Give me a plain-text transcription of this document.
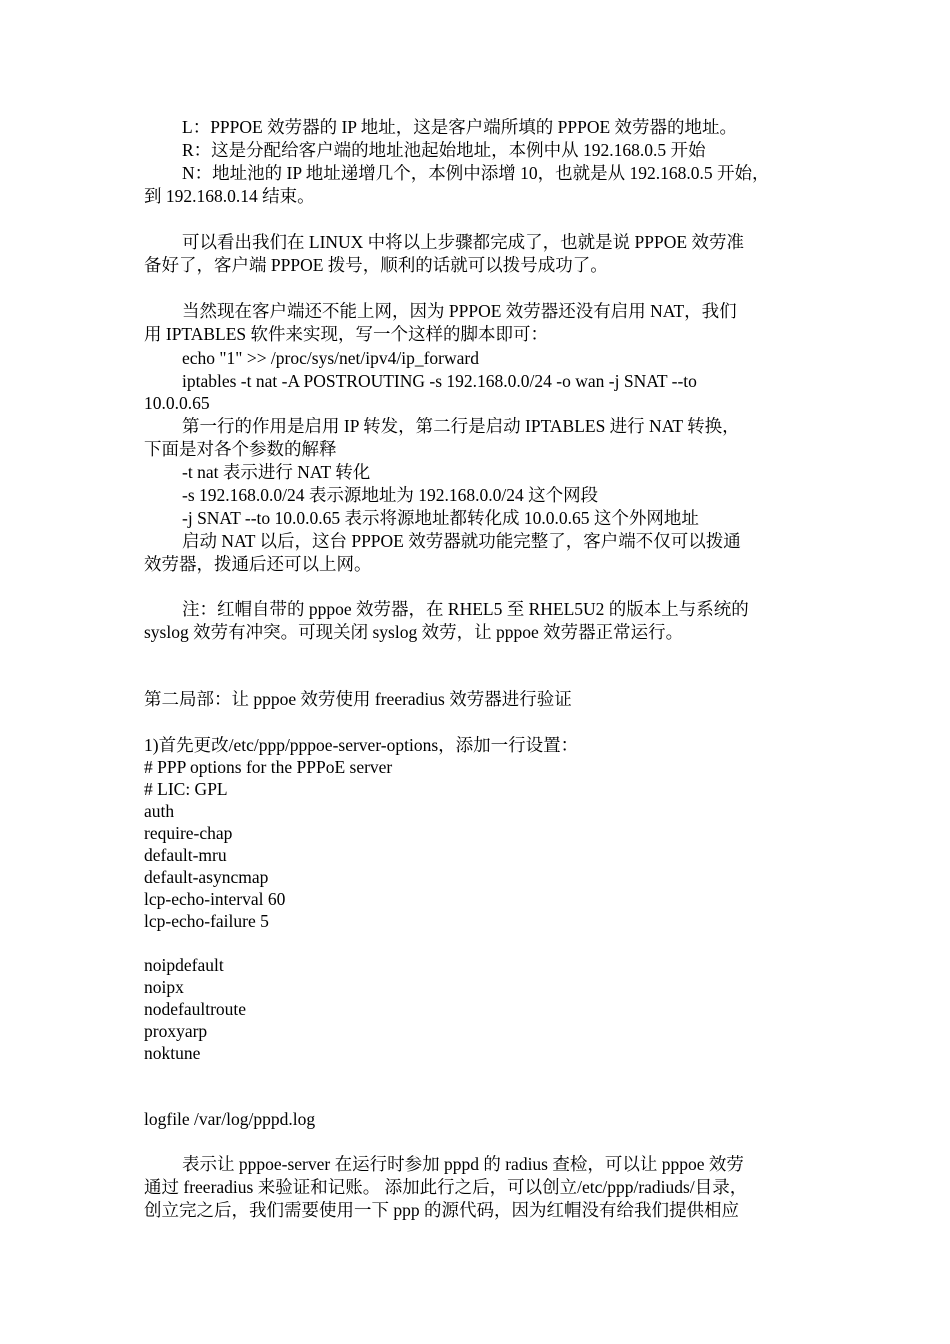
L：PPPOE 效劳器的 IP 地址，这是客户端所填的 PPPOE 效劳器的地址。
R：这是分配给客户端的地址池起始地址，本例中从 192.168.0.5 开始
N：地址池的 IP 地址递增几个，本例中添增 10，也就是从 192.168.0.5 开始，
到 192.168.0.14 结束。
可以看出我们在 LINUX 中将以上步骤都完成了，也就是说 PPPOE 效劳准
备好了，客户端 PPPOE 拨号，顺利的话就可以拨号成功了。
当然现在客户端还不能上网，因为 PPPOE 效劳器还没有启用 NAT，我们
用 IPTABLES 软件来实现，写一个这样的脚本即可：
echo "1" >> /proc/sys/net/ipv4/ip_forward
iptables -t nat -A POSTROUTING -s 192.168.0.0/24 -o wan -j SNAT --to
10.0.0.65
第一行的作用是启用 IP 转发，第二行是启动 IPTABLES 进行 NAT 转换，
下面是对各个参数的解释
-t nat 表示进行 NAT 转化
-s 192.168.0.0/24 表示源地址为 192.168.0.0/24 这个网段
-j SNAT --to 10.0.0.65 表示将源地址都转化成 10.0.0.65 这个外网地址
启动 NAT 以后，这台 PPPOE 效劳器就功能完整了，客户端不仅可以拨通
效劳器，拨通后还可以上网。
注：红帽自带的 pppoe 效劳器，在 RHEL5 至 RHEL5U2 的版本上与系统的
syslog 效劳有冲突。可现关闭 syslog 效劳，让 pppoe 效劳器正常运行。
第二局部：让 pppoe 效劳使用 freeradius 效劳器进行验证
1)首先更改/etc/ppp/pppoe-server-options，添加一行设置：
# PPP options for the PPPoE server
# LIC: GPL
auth
require-chap
default-mru
default-asyncmap
lcp-echo-interval 60
lcp-echo-failure 5
noipdefault
noipx
nodefaultroute
proxyarp
noktune
logfile /var/log/pppd.log
表示让 pppoe-server 在运行时参加 pppd 的 radius 查检，可以让 pppoe 效劳
通过 freeradius 来验证和记账。 添加此行之后，可以创立/etc/ppp/radiuds/目录，
创立完之后，我们需要使用一下 ppp 的源代码，因为红帽没有给我们提供相应
